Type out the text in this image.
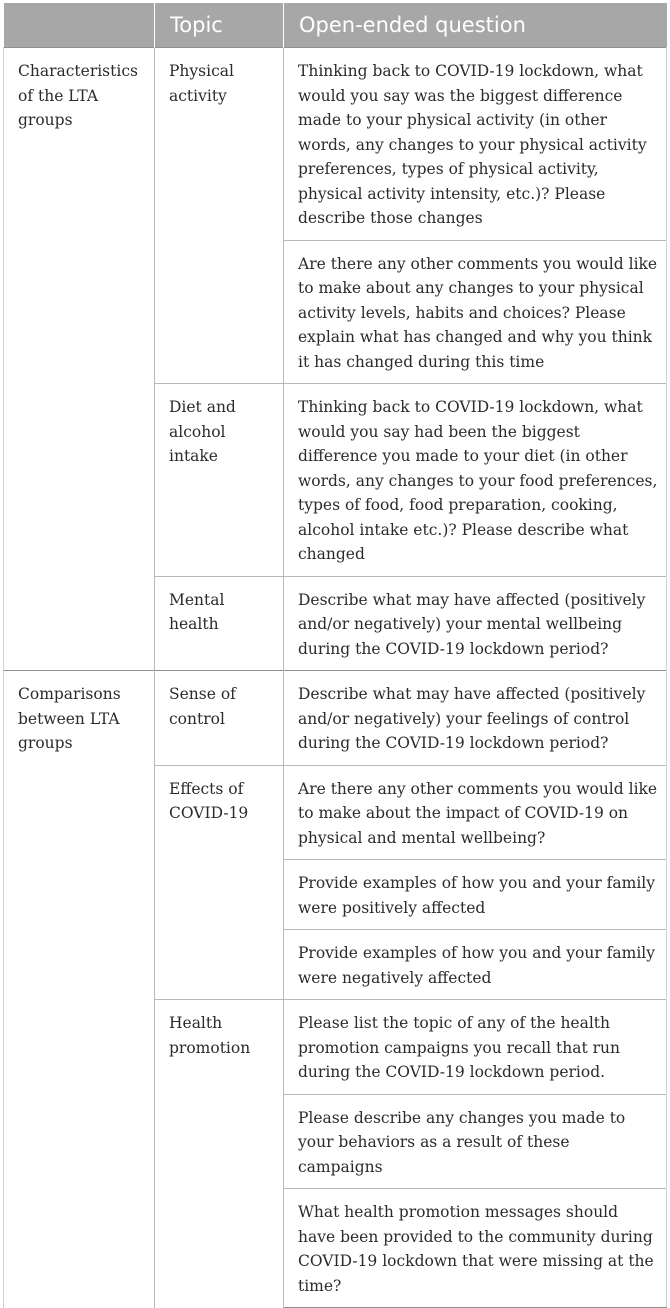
	Topic	Open-ended question

Characteristics of the LTA groups	Physical activity	Thinking back to COVID-19 lockdown, what would you say was the biggest difference made to your physical activity (in other words, any changes to your physical activity preferences, types of physical activity, physical activity intensity, etc.)? Please describe those changes

		Are there any other comments you would like to make about any changes to your physical activity levels, habits and choices? Please explain what has changed and why you think it has changed during this time

	Diet and alcohol intake	Thinking back to COVID-19 lockdown, what would you say had been the biggest difference you made to your diet (in other words, any changes to your food preferences, types of food, food preparation, cooking, alcohol intake etc.)? Please describe what changed

	Mental health	Describe what may have affected (positively and/or negatively) your mental wellbeing during the COVID-19 lockdown period?

Comparisons between LTA groups	Sense of control	Describe what may have affected (positively and/or negatively) your feelings of control during the COVID-19 lockdown period?

	Effects of COVID-19	Are there any other comments you would like to make about the impact of COVID-19 on physical and mental wellbeing?

		Provide examples of how you and your family were positively affected

		Provide examples of how you and your family were negatively affected

	Health promotion	Please list the topic of any of the health promotion campaigns you recall that run during the COVID-19 lockdown period.

		Please describe any changes you made to your behaviors as a result of these campaigns

		What health promotion messages should have been provided to the community during COVID-19 lockdown that were missing at the time?
